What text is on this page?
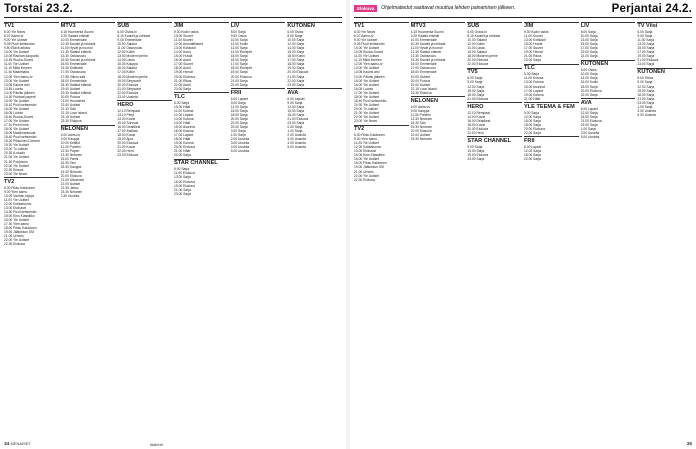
Torstai 23.2.
TV1
6.00 Yle News
6.07 Aamu-tv
9.00 Yle Uutiset
9.05 Puoli seitsemän
9.50 Elävä arkisto
10.00 Yle Uutiset
10.05 Rauhan kaupunki
10.45 Ruoka-Suomi
11.00 Yle Uutiset
11.10 Mikä ihmeen
11.40 Maailmalla
12.00 Ylen aamu-tv
13.00 Yle Uutiset
13.05 Kaunis arki
13.45 Luonto
14.00 Päivän jälkeen
14.30 Puhtaat paperit
15.00 Yle Uutiset
15.10 Puoli seitsemän
16.00 Yle Uutiset
16.05 Luonto
16.40 Ruoka-Suomi
17.00 Yle Uutiset
17.10 Pieni Ihme
18.00 Yle Uutiset
18.05 Maailmankuvat
18.40 Puoli seitsemän
19.20 Pikkuinen Domme
19.30 Yle Uutiset
20.00 Tv-uutiset
20.30 A-studio
21.00 Yle Uutiset
21.30 Pohjoinen
22.00 Yle Uutiset
22.30 Rosvot
23.00 Yle News
TV2
6.30 Pikku Kakkonen
9.00 Ylen aamu
10.00 Vanhan kirjoja
11.00 Yle Uutiset
12.00 Kotikatsomo
13.00 Elokuvat
14.30 Puoli seitsemän
15.00 Kino Klassikko
16.00 Yle Uutiset
17.30 Ylen aamu
18.00 Pikku Kakkonen
19.00 Jääkiekon SM
21.00 Urheilu
22.00 Yle Uutiset
22.30 Elokuva
MTV3
6.15 Huomenta Suomi
9.20 Salatut elämät
10.00 Emmerdale
10.30 Kauniit ja rohkeat
11.00 Hyvät ja huonot
12.30 Salatut elämät
13.30 Ostosruutu
15.30 Kauniit ja rohkeat
16.00 Emmerdale
16.30 Kotikokki
17.00 Ostosruutu
17.58 Viikon sää
18.00 Emmerdale
18.30 Salatut elämät
19.00 Uutiset
19.30 Salatut elämät
20.00 Putous
21.00 Huomenta
22.00 Uutiset
22.10 Sää
22.15 Love Island
23.15 Uutiset
23.30 Elokuva
NELONEN
6.00 Aamu-tv
9.00 Kauppa
10.00 Keittiöt
11.30 Puhelin
12.30 Paperi
13.30 Nelonen
15.00 Farmi
16.30 Talo
18.30 Kauppa
19.30 Nelonen
20.00 Elokuva
21.00 Ulkomaat
22.00 Uutiset
22.30 Jakso
23.30 Nelonen
0.30 Uusinta
SUB
6.00 Ostos-tv
8.10 Kauniit ja rohkeat
9.00 Emmerdale
10.00 Salatut
11.00 Ostosruutu
12.00 Kotiin
13.00 Moderni perhe
14.00 Lasta
15.00 Kauppa
16.00 Salatut
17.00 Kotiin
18.00 Moderni perhe
19.00 Simpsonit
20.00 Elokuva
21.00 Simpsonit
22.00 Elokuva
23.00 Uusinta
HERO
12.10 Rempaat
13.10 Pimp
14.00 Kovat
15.00 Survival
16.00 Deadliest
17.00 Sotilaat
18.00 Kovat
19.00 Ajoa
20.00 Elokuva
21.00 Kovat
22.00 Hero
23.00 Elokuva
JIM
9.30 Kodin ostos
10.00 Suuret
11.00 Suuret
12.00 Ammattilaiset
13.00 Kotikokit
14.00 Autot
15.00 Huvila
16.00 Autot
17.00 Suuret
18.00 Autot
19.00 Hinnat
20.00 Elokuva
21.00 Rikos
22.00 Autot
23.00 Sarja
TLC
6.00 Sarja
10.00 Häät
11.00 Kotona
12.00 Lapset
13.00 Kotona
14.00 Häät
15.00 Asunnot
16.00 Kotona
17.00 Lapset
18.00 Häät
19.00 Kotona
20.00 Elokuva
21.00 Häät
22.00 Sarja
STAR CHANNEL
9.00 Sarja
11.00 Elokuva
13.00 Sarja
16.00 Elokuva
19.00 Elokuva
21.00 Sarja
23.00 Sarja
LIV
8.00 Sarja
9.00 Ostos
10.00 Sarja
12.00 Kotiin
13.00 Sarja
14.00 Reseptit
15.00 Sarja
16.00 Sarja
17.00 Sarja
18.00 Reseptit
19.00 Sarja
20.00 Elokuva
21.00 Sarja
22.00 Sarja
FRII
6.00 Lapset
9.00 Sarja
12.00 Sarja
15.00 Sarja
18.00 Sarja
20.00 Sarja
22.00 Sarja
23.00 Sarja
0.00 Sarja
1.00 Sarja
2.00 Uusinta
3.00 Uusinta
4.00 Uusinta
5.00 Uusinta
KUTONEN
6.00 Ostos
8.00 Sarja
10.00 Sarja
12.00 Sarja
14.00 Sarja
15.00 Sarja
16.00 Kotiin
17.00 Sarja
18.00 Sarja
19.00 Sarja
20.00 Elokuva
21.00 Sarja
22.00 Sarja
23.00 Sarja
AVA
6.00 Lapset
9.00 Sarja
12.00 Sarja
15.00 Sarja
18.00 Sarja
21.00 Elokuva
23.00 Sarja
0.00 Sarja
1.00 Sarja
2.00 Uusinta
3.00 Uusinta
4.00 Uusinta
5.00 Uusinta
34 MENAISET	Iltalehti
Elokuva	Ohjelmatiedot saattavat muuttua lehden painamisen jälkeen.	Perjantai 24.2.
TV1
6.00 Yle News
6.07 Aamu-tv
9.00 Yle Uutiset
9.05 Puoli seitsemän
10.00 Yle Uutiset
10.05 Ruoka-Suomi
11.00 Yle Uutiset
11.10 Mikä ihmeen
12.00 Ylen aamu-tv
13.00 Yle Uutiset
13.05 Kaunis arki
14.00 Päivän jälkeen
15.00 Yle Uutiset
16.00 Yle Uutiset
16.05 Luonto
17.00 Yle Uutiset
18.00 Yle Uutiset
18.40 Puoli seitsemän
19.30 Yle Uutiset
20.00 Tv-uutiset
21.00 Yle Uutiset
22.00 Yle Uutiset
23.00 Yle News
TV2
6.30 Pikku Kakkonen
9.00 Ylen aamu
11.00 Yle Uutiset
12.00 Kotikatsomo
13.00 Elokuvat
15.00 Kino Klassikko
16.00 Yle Uutiset
18.00 Pikku Kakkonen
19.00 Jääkiekon SM
21.00 Urheilu
22.00 Yle Uutiset
22.30 Elokuva
MTV3
6.15 Huomenta Suomi
9.20 Salatut elämät
10.00 Emmerdale
10.30 Kauniit ja rohkeat
11.00 Hyvät ja huonot
12.30 Salatut elämät
13.30 Ostosruutu
15.30 Kauniit ja rohkeat
16.00 Emmerdale
17.00 Ostosruutu
18.00 Emmerdale
19.00 Uutiset
20.00 Putous
22.00 Uutiset
22.15 Love Island
23.30 Elokuva
NELONEN
6.00 Aamu-tv
9.00 Kauppa
11.30 Puhelin
13.30 Nelonen
16.30 Talo
19.30 Nelonen
20.00 Elokuva
22.00 Uutiset
23.30 Nelonen
SUB
6.00 Ostos-tv
8.10 Kauniit ja rohkeat
10.00 Salatut
12.00 Kotiin
14.00 Lasta
16.00 Salatut
18.00 Moderni perhe
20.00 Elokuva
22.00 Elokuva
TV5
6.00 Sarja
9.00 Sarja
12.00 Sarja
15.00 Sarja
18.00 Sarja
21.00 Elokuva
HERO
12.10 Rempaat
14.00 Kovat
16.00 Deadliest
18.00 Kovat
20.00 Elokuva
22.00 Hero
STAR CHANNEL
9.00 Sarja
13.00 Sarja
19.00 Elokuva
23.00 Sarja
JIM
9.30 Kodin ostos
11.00 Suuret
13.00 Kotikokit
15.00 Huvila
17.00 Suuret
19.00 Hinnat
21.00 Rikos
23.00 Sarja
TLC
6.00 Sarja
11.00 Kotona
13.00 Kotona
15.00 Asunnot
17.00 Lapset
19.00 Kotona
21.00 Häät
YLE TEEMA & FEM
9.00 Sarja
12.00 Sarja
15.00 Sarja
18.00 Sarja
20.00 Elokuva
22.00 Sarja
FRII
6.00 Lapset
12.00 Sarja
18.00 Sarja
22.00 Sarja
LIV
8.00 Sarja
10.00 Sarja
13.00 Sarja
15.00 Sarja
17.00 Sarja
19.00 Sarja
21.00 Sarja
KUTONEN
6.00 Ostos
10.00 Sarja
14.00 Sarja
16.00 Kotiin
18.00 Sarja
20.00 Elokuva
22.00 Sarja
AVA
6.00 Lapset
12.00 Sarja
18.00 Sarja
21.00 Elokuva
23.00 Sarja
1.00 Sarja
3.00 Uusinta
5.00 Uusinta
TV Viisi
6.00 Sarja
9.00 Sarja
11.00 Sarja
13.00 Sarja
15.00 Sarja
17.00 Sarja
19.00 Sarja
21.00 Elokuva
23.00 Sarja
KUTONEN
6.00 Ostos
9.00 Sarja
12.00 Sarja
15.00 Sarja
18.00 Sarja
21.00 Sarja
23.00 Sarja
1.00 Sarja
3.00 Uusinta
5.00 Uusinta
35
